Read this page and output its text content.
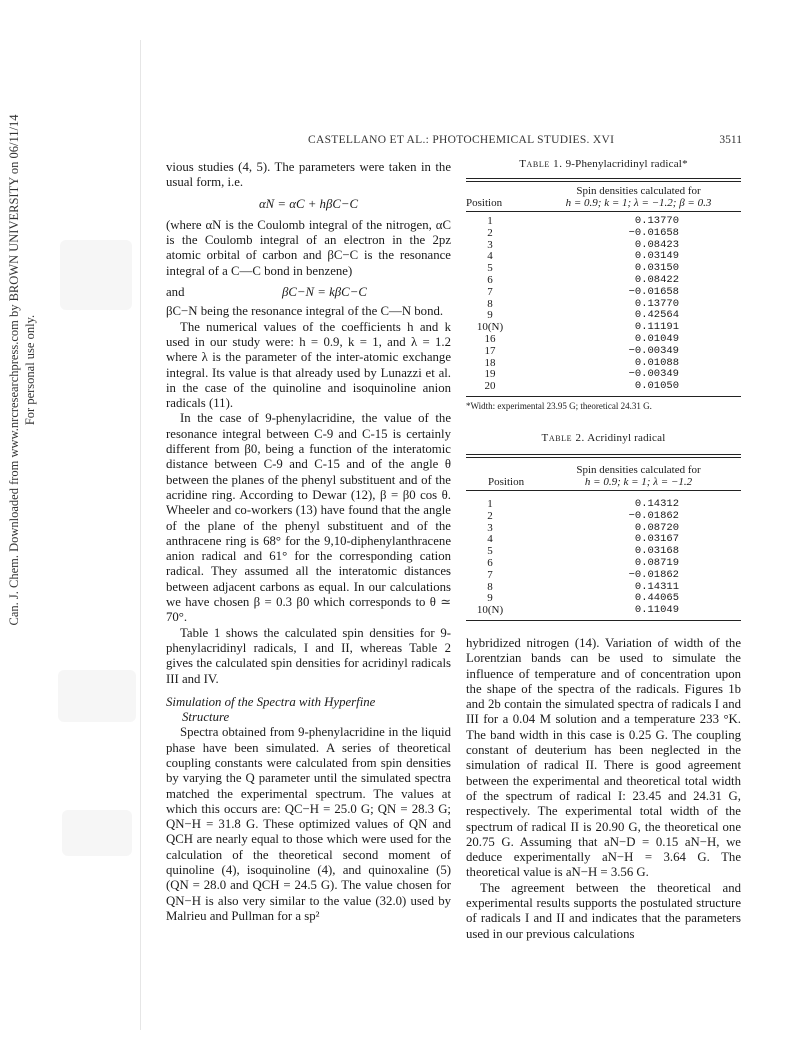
Can. J. Chem. Downloaded from www.nrcresearchpress.com by BROWN UNIVERSITY on 06/11/14 For personal use only.
CASTELLANO ET AL.: PHOTOCHEMICAL STUDIES. XVI	3511

vious studies (4, 5). The parameters were taken in the usual form, i.e.

αN = αC + hβC−C

(where αN is the Coulomb integral of the nitrogen, αC is the Coulomb integral of an electron in the 2pz atomic orbital of carbon and βC−C is the resonance integral of a C—C bond in benzene)

and	βC−N = kβC−C

βC−N being the resonance integral of the C—N bond.

The numerical values of the coefficients h and k used in our study were: h = 0.9, k = 1, and λ = 1.2 where λ is the parameter of the inter-atomic exchange integral. Its value is that already used by Lunazzi et al. in the case of the quinoline and isoquinoline anion radicals (11).

In the case of 9-phenylacridine, the value of the resonance integral between C-9 and C-15 is certainly different from β0, being a function of the interatomic distance between C-9 and C-15 and of the angle θ between the planes of the phenyl substituent and of the acridine ring. According to Dewar (12), β = β0 cos θ. Wheeler and co-workers (13) have found that the angle of the plane of the phenyl substituent and of the anthracene ring is 68° for the 9,10-diphenylanthracene anion radical and 61° for the corresponding cation radical. They assumed all the interatomic distances between adjacent carbons as equal. In our calculations we have chosen β = 0.3 β0 which corresponds to θ ≃ 70°.

Table 1 shows the calculated spin densities for 9-phenylacridinyl radicals, I and II, whereas Table 2 gives the calculated spin densities for acridinyl radicals III and IV.

Simulation of the Spectra with Hyperfine
Structure

Spectra obtained from 9-phenylacridine in the liquid phase have been simulated. A series of theoretical coupling constants were calculated from spin densities by varying the Q parameter until the simulated spectra matched the experimental spectrum. The values at which this occurs are: QC−H = 25.0 G; QN = 28.3 G; QN−H = 31.8 G. These optimized values of QN and QCH are nearly equal to those which were used for the calculation of the theoretical second moment of quinoline (4), isoquinoline (4), and quinoxaline (5) (QN = 28.0 and QCH = 24.5 G). The value chosen for QN−H is also very similar to the value (32.0) used by Malrieu and Pullman for a sp²

Table 1. 9-Phenylacridinyl radical*
Position
Spin densities calculated for
h = 0.9; k = 1; λ = −1.2; β = 0.3
1	0.13770
2	−0.01658
3	0.08423
4	0.03149
5	0.03150
6	0.08422
7	−0.01658
8	0.13770
9	0.42564
10(N)	0.11191
16	0.01049
17	−0.00349
18	0.01088
19	−0.00349
20	0.01050
*Width: experimental 23.95 G; theoretical 24.31 G.
Table 2. Acridinyl radical
Position
Spin densities calculated for
h = 0.9; k = 1; λ = −1.2
1	0.14312
2	−0.01862
3	0.08720
4	0.03167
5	0.03168
6	0.08719
7	−0.01862
8	0.14311
9	0.44065
10(N)	0.11049

hybridized nitrogen (14). Variation of width of the Lorentzian bands can be used to simulate the influence of temperature and of concentration upon the shape of the spectra of the radicals. Figures 1b and 2b contain the simulated spectra of radicals I and III for a 0.04 M solution and a temperature 233 °K. The band width in this case is 0.25 G. The coupling constant of deuterium has been neglected in the simulation of radical II. There is good agreement between the experimental and theoretical total width of the spectrum of radical I: 23.45 and 24.31 G, respectively. The experimental total width of the spectrum of radical II is 20.90 G, the theoretical one 20.75 G. Assuming that aN−D = 0.15 aN−H, we deduce experimentally aN−H = 3.64 G. The theoretical value is aN−H = 3.56 G.

The agreement between the theoretical and experimental results supports the postulated structure of radicals I and II and indicates that the parameters used in our previous calculations
